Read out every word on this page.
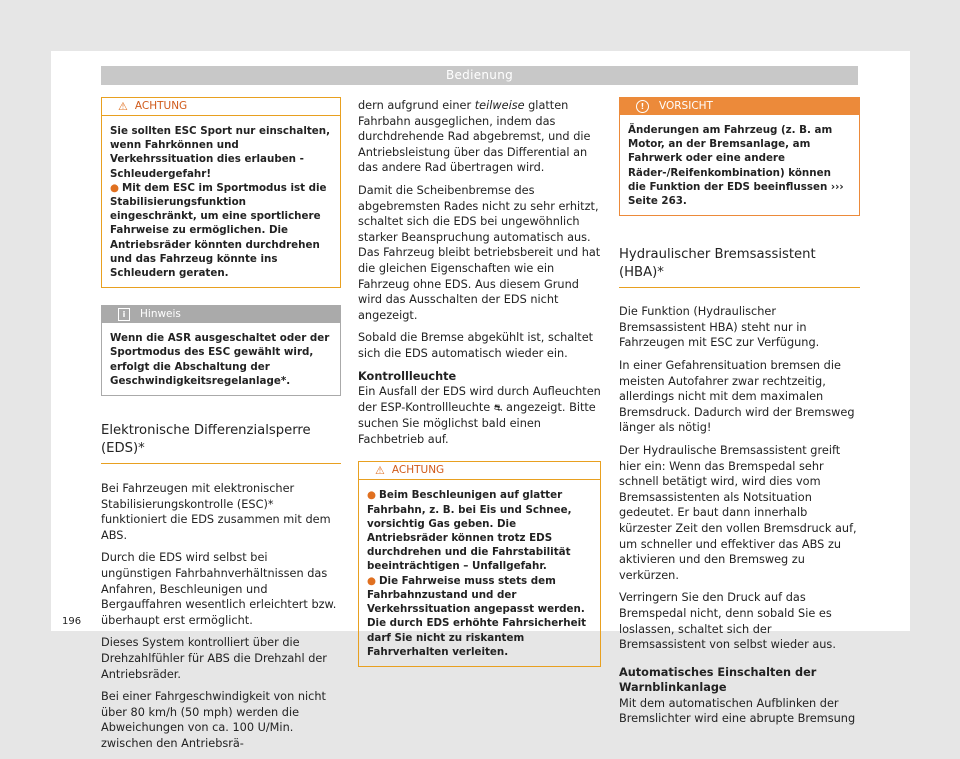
Bedienung
⚠ ACHTUNG
Sie sollten ESC Sport nur einschalten, wenn Fahrkönnen und Verkehrssituation dies erlauben - Schleudergefahr!
● Mit dem ESC im Sportmodus ist die Stabilisierungsfunktion eingeschränkt, um eine sportlichere Fahrweise zu ermöglichen. Die Antriebsräder könnten durchdrehen und das Fahrzeug könnte ins Schleudern geraten.
i	Hinweis
Wenn die ASR ausgeschaltet oder der Sportmodus des ESC gewählt wird, erfolgt die Abschaltung der Geschwindigkeitsregelanlage*.
Elektronische Differenzialsperre (EDS)*

Bei Fahrzeugen mit elektronischer Stabilisierungskontrolle (ESC)* funktioniert die EDS zusammen mit dem ABS.

Durch die EDS wird selbst bei ungünstigen Fahrbahnverhältnissen das Anfahren, Beschleunigen und Bergauffahren wesentlich erleichtert bzw. überhaupt erst ermöglicht.

Dieses System kontrolliert über die Drehzahlfühler für ABS die Drehzahl der Antriebsräder.

Bei einer Fahrgeschwindigkeit von nicht über 80 km/h (50 mph) werden die Abweichungen von ca. 100 U/Min. zwischen den Antriebsrä-

dern aufgrund einer teilweise glatten Fahrbahn ausgeglichen, indem das durchdrehende Rad abgebremst, und die Antriebsleistung über das Differential an das andere Rad übertragen wird.

Damit die Scheibenbremse des abgebremsten Rades nicht zu sehr erhitzt, schaltet sich die EDS bei ungewöhnlich starker Beanspruchung automatisch aus. Das Fahrzeug bleibt betriebsbereit und hat die gleichen Eigenschaften wie ein Fahrzeug ohne EDS. Aus diesem Grund wird das Ausschalten der EDS nicht angezeigt.

Sobald die Bremse abgekühlt ist, schaltet sich die EDS automatisch wieder ein.

Kontrollleuchte

Ein Ausfall der EDS wird durch Aufleuchten der ESP-Kontrollleuchte ⛐ angezeigt. Bitte suchen Sie möglichst bald einen Fachbetrieb auf.

⚠ ACHTUNG
● Beim Beschleunigen auf glatter Fahrbahn, z. B. bei Eis und Schnee, vorsichtig Gas geben. Die Antriebsräder können trotz EDS durchdrehen und die Fahrstabilität beeinträchtigen – Unfallgefahr.
● Die Fahrweise muss stets dem Fahrbahnzustand und der Verkehrssituation angepasst werden. Die durch EDS erhöhte Fahrsicherheit darf Sie nicht zu riskantem Fahrverhalten verleiten.
!	VORSICHT
Änderungen am Fahrzeug (z. B. am Motor, an der Bremsanlage, am Fahrwerk oder eine andere Räder-/Reifenkombination) können die Funktion der EDS beeinflussen ››› Seite 263.
Hydraulischer Bremsassistent (HBA)*

Die Funktion (Hydraulischer Bremsassistent HBA) steht nur in Fahrzeugen mit ESC zur Verfügung.

In einer Gefahrensituation bremsen die meisten Autofahrer zwar rechtzeitig, allerdings nicht mit dem maximalen Bremsdruck. Dadurch wird der Bremsweg länger als nötig!

Der Hydraulische Bremsassistent greift hier ein: Wenn das Bremspedal sehr schnell betätigt wird, wird dies vom Bremsassistenten als Notsituation gedeutet. Er baut dann innerhalb kürzester Zeit den vollen Bremsdruck auf, um schneller und effektiver das ABS zu aktivieren und den Bremsweg zu verkürzen.

Verringern Sie den Druck auf das Bremspedal nicht, denn sobald Sie es loslassen, schaltet sich der Bremsassistent von selbst wieder aus.

Automatisches Einschalten der Warnblinkanlage

Mit dem automatischen Aufblinken der Bremslichter wird eine abrupte Bremsung

196
